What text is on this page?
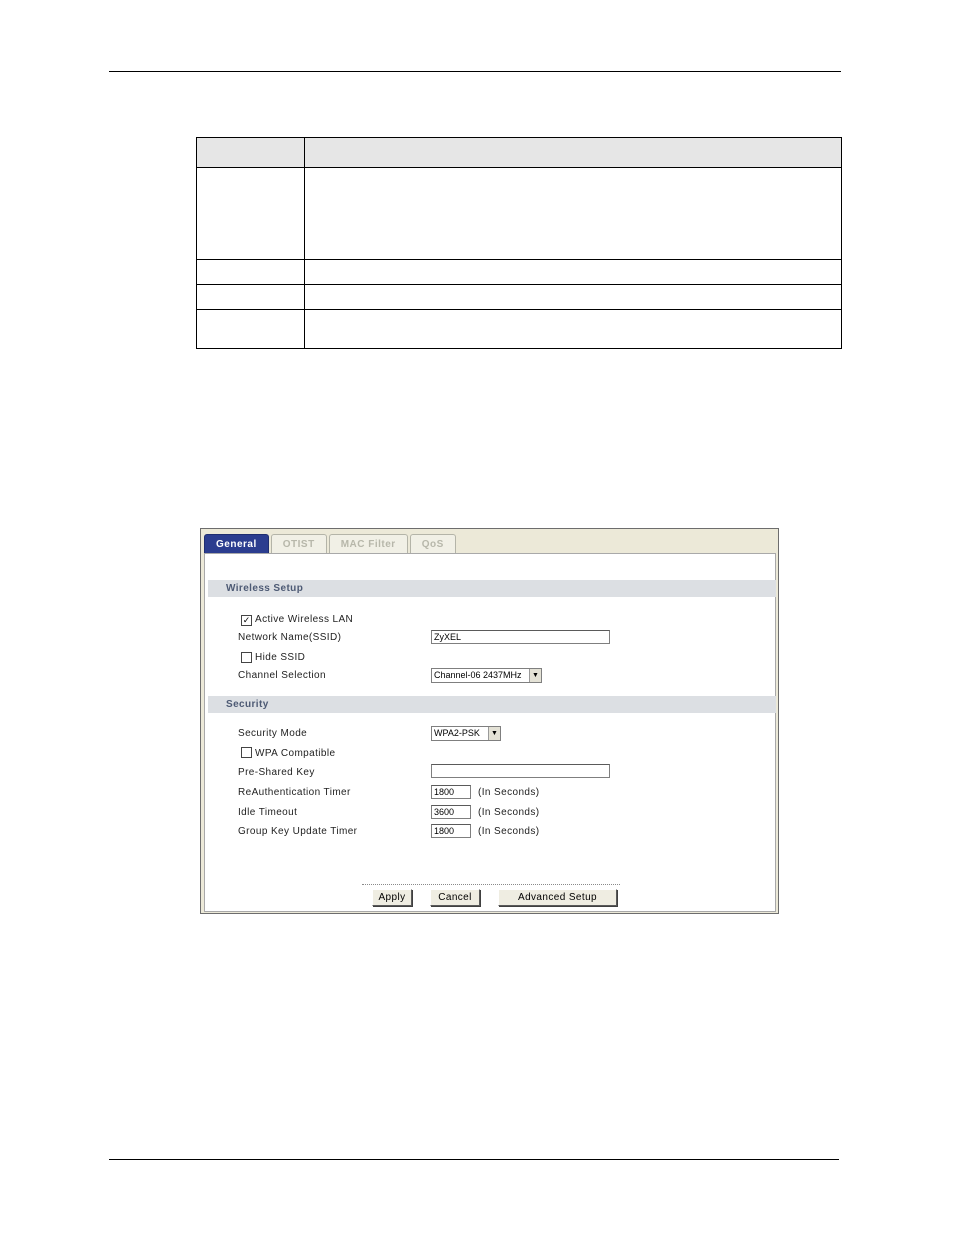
General	OTIST	MAC Filter	QoS
Wireless Setup
✓ Active Wireless LAN
Network Name(SSID)	ZyXEL
Hide SSID
Channel Selection	Channel-06 2437MHz	▼
Security
Security Mode	WPA2-PSK	▼
WPA Compatible
Pre-Shared Key
ReAuthentication Timer	1800	(In Seconds)
Idle Timeout	3600	(In Seconds)
Group Key Update Timer	1800	(In Seconds)
Apply	Cancel	Advanced Setup
